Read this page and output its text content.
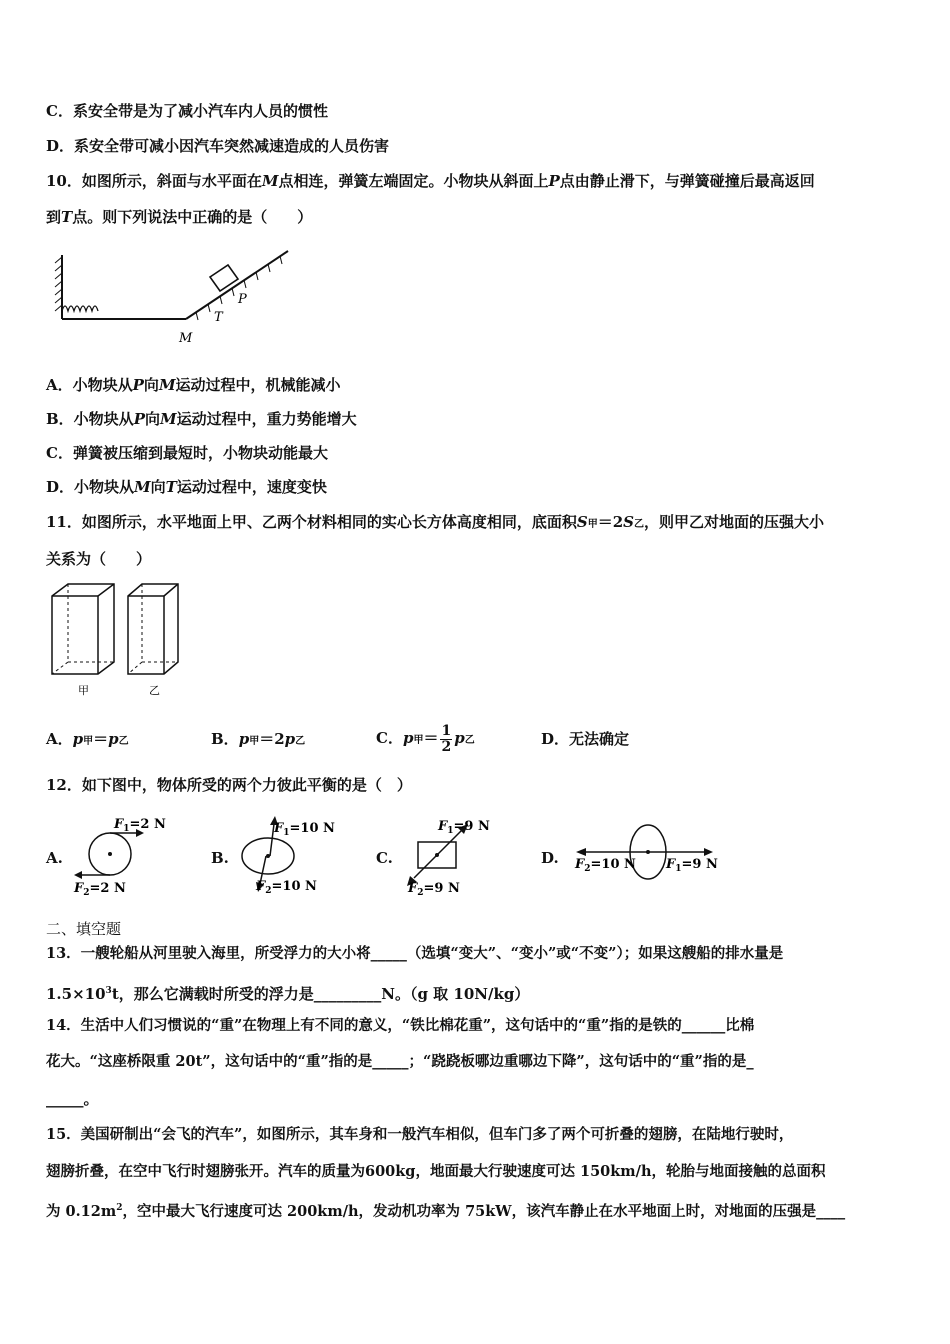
C．系安全带是为了减小汽车内人员的惯性
D．系安全带可减小因汽车突然减速造成的人员伤害
10．如图所示，斜面与水平面在M点相连，弹簧左端固定。小物块从斜面上P点由静止滑下，与弹簧碰撞后最高返回
到T点。则下列说法中正确的是（　　）
M
T
P
A．小物块从P向M运动过程中，机械能减小
B．小物块从P向M运动过程中，重力势能增大
C．弹簧被压缩到最短时，小物块动能最大
D．小物块从M向T运动过程中，速度变快
11．如图所示，水平地面上甲、乙两个材料相同的实心长方体高度相同，底面积S甲＝2S乙，则甲乙对地面的压强大小
关系为（　　）
甲	乙
A．p甲＝p乙	B．p甲＝2p乙	C．p甲＝ $\frac{1}{2}$ p乙	D．无法确定
12．如下图中，物体所受的两个力彼此平衡的是（　）
A.
$F_1=2$ N
$F_2=2$ N
B.
$F_1=10$ N
$F_2=10$ N
C.
$F_1=9$ N
$F_2=9$ N
D. $F_2=10$ N $F_1=9$ N
二、填空题
13．一艘轮船从河里驶入海里，所受浮力的大小将_____（选填“变大”、“变小”或“不变”）；如果这艘船的排水量是
$1.5\times 10^3t$，那么它满载时所受的浮力是_________N。（g 取 10N/kg）
14．生活中人们习惯说的“重”在物理上有不同的意义，“铁比棉花重”，这句话中的“重”指的是铁的______比棉
花大。“这座桥限重 20t”，这句话中的“重”指的是_____；“跷跷板哪边重哪边下降”，这句话中的“重”指的是_
_____。
15．美国研制出“会飞的汽车”，如图所示，其车身和一般汽车相似，但车门多了两个可折叠的翅膀，在陆地行驶时，
翅膀折叠，在空中飞行时翅膀张开。汽车的质量为600kg，地面最大行驶速度可达 150km/h，轮胎与地面接触的总面积
为 $0.12m^2$，空中最大飞行速度可达 200km/h，发动机功率为 75kW，该汽车静止在水平地面上时，对地面的压强是____
